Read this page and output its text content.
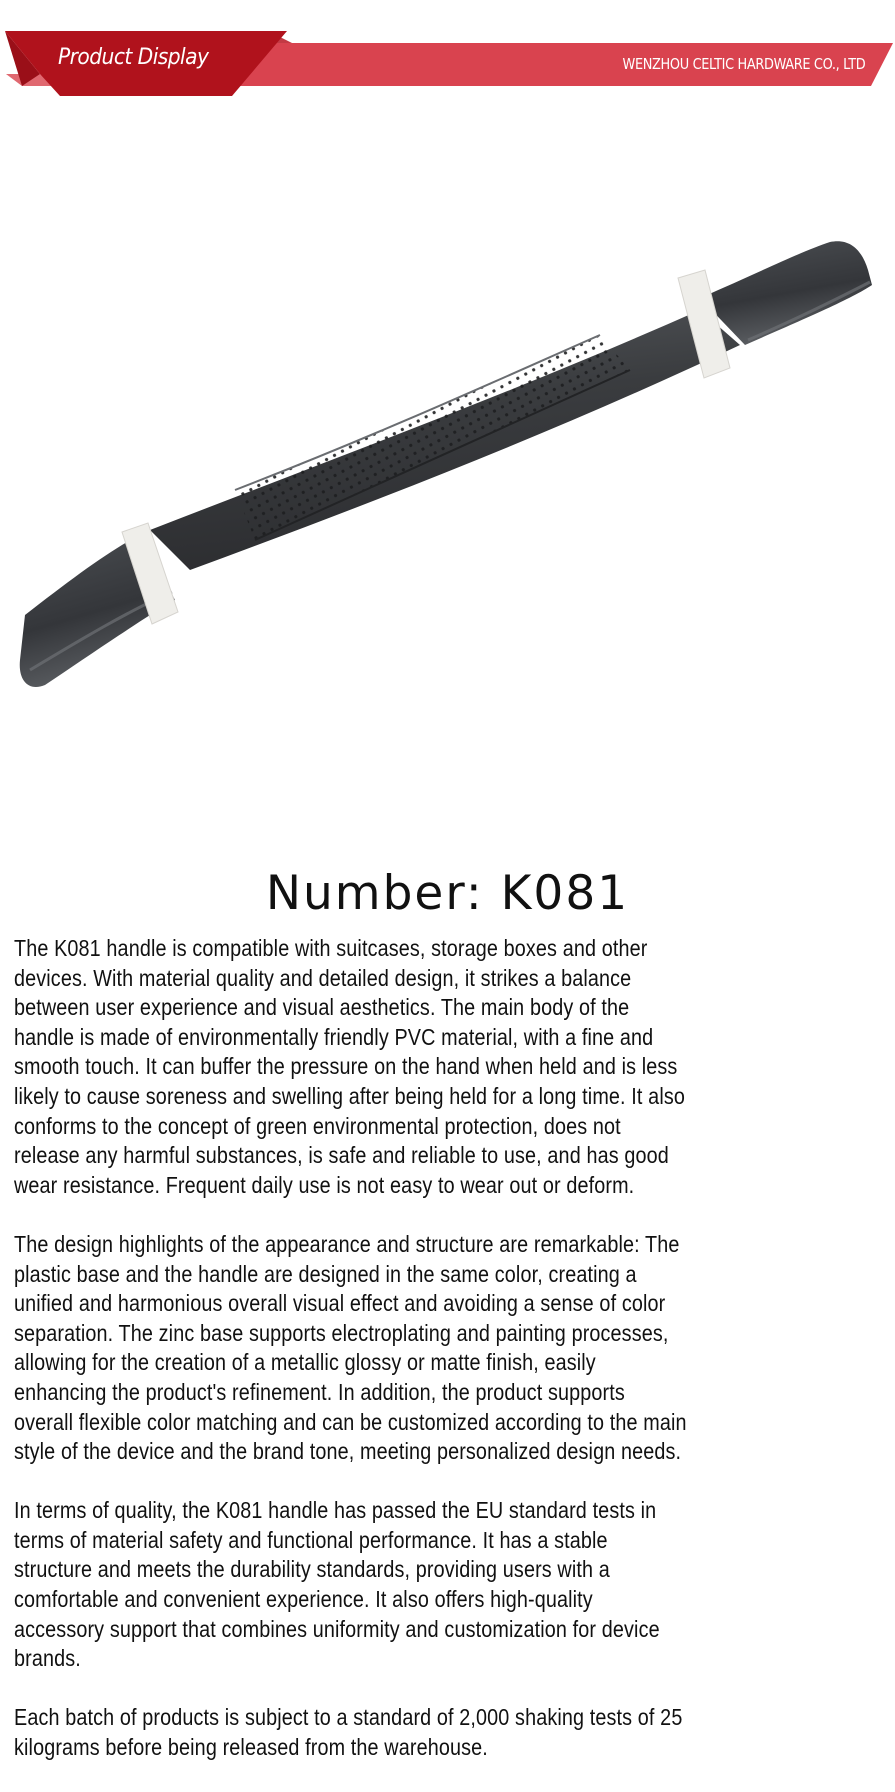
Product Display	WENZHOU CELTIC HARDWARE CO., LTD
Number: K081

The K081 handle is compatible with suitcases, storage boxes and other
devices. With material quality and detailed design, it strikes a balance
between user experience and visual aesthetics. The main body of the
handle is made of environmentally friendly PVC material, with a fine and
smooth touch. It can buffer the pressure on the hand when held and is less
likely to cause soreness and swelling after being held for a long time. It also
conforms to the concept of green environmental protection, does not
release any harmful substances, is safe and reliable to use, and has good
wear resistance. Frequent daily use is not easy to wear out or deform.

The design highlights of the appearance and structure are remarkable: The
plastic base and the handle are designed in the same color, creating a
unified and harmonious overall visual effect and avoiding a sense of color
separation. The zinc base supports electroplating and painting processes,
allowing for the creation of a metallic glossy or matte finish, easily
enhancing the product's refinement. In addition, the product supports
overall flexible color matching and can be customized according to the main
style of the device and the brand tone, meeting personalized design needs.

In terms of quality, the K081 handle has passed the EU standard tests in
terms of material safety and functional performance. It has a stable
structure and meets the durability standards, providing users with a
comfortable and convenient experience. It also offers high-quality
accessory support that combines uniformity and customization for device
brands.

Each batch of products is subject to a standard of 2,000 shaking tests of 25
kilograms before being released from the warehouse.
